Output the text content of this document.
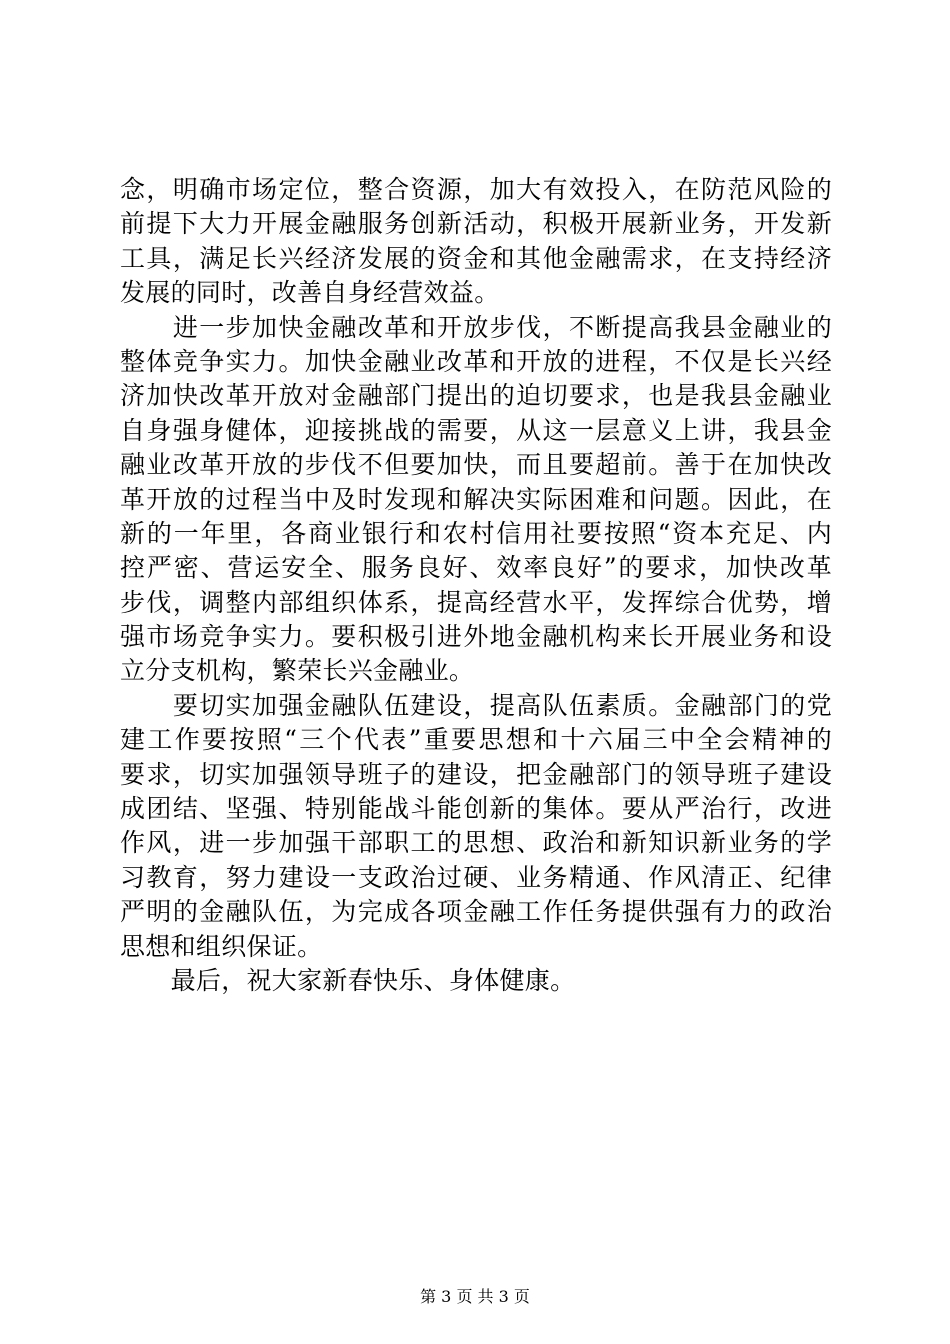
念，明确市场定位，整合资源，加大有效投入，在防范风险的
前提下大力开展金融服务创新活动，积极开展新业务，开发新
工具，满足长兴经济发展的资金和其他金融需求，在支持经济
发展的同时，改善自身经营效益。
　　进一步加快金融改革和开放步伐，不断提高我县金融业的
整体竞争实力。加快金融业改革和开放的进程，不仅是长兴经
济加快改革开放对金融部门提出的迫切要求，也是我县金融业
自身强身健体，迎接挑战的需要，从这一层意义上讲，我县金
融业改革开放的步伐不但要加快，而且要超前。善于在加快改
革开放的过程当中及时发现和解决实际困难和问题。因此，在
新的一年里，各商业银行和农村信用社要按照“资本充足、内
控严密、营运安全、服务良好、效率良好”的要求，加快改革
步伐，调整内部组织体系，提高经营水平，发挥综合优势，增
强市场竞争实力。要积极引进外地金融机构来长开展业务和设
立分支机构，繁荣长兴金融业。
　　要切实加强金融队伍建设，提高队伍素质。金融部门的党
建工作要按照“三个代表”重要思想和十六届三中全会精神的
要求，切实加强领导班子的建设，把金融部门的领导班子建设
成团结、坚强、特别能战斗能创新的集体。要从严治行，改进
作风，进一步加强干部职工的思想、政治和新知识新业务的学
习教育，努力建设一支政治过硬、业务精通、作风清正、纪律
严明的金融队伍，为完成各项金融工作任务提供强有力的政治
思想和组织保证。
　　最后，祝大家新春快乐、身体健康。
第 3 页 共 3 页
